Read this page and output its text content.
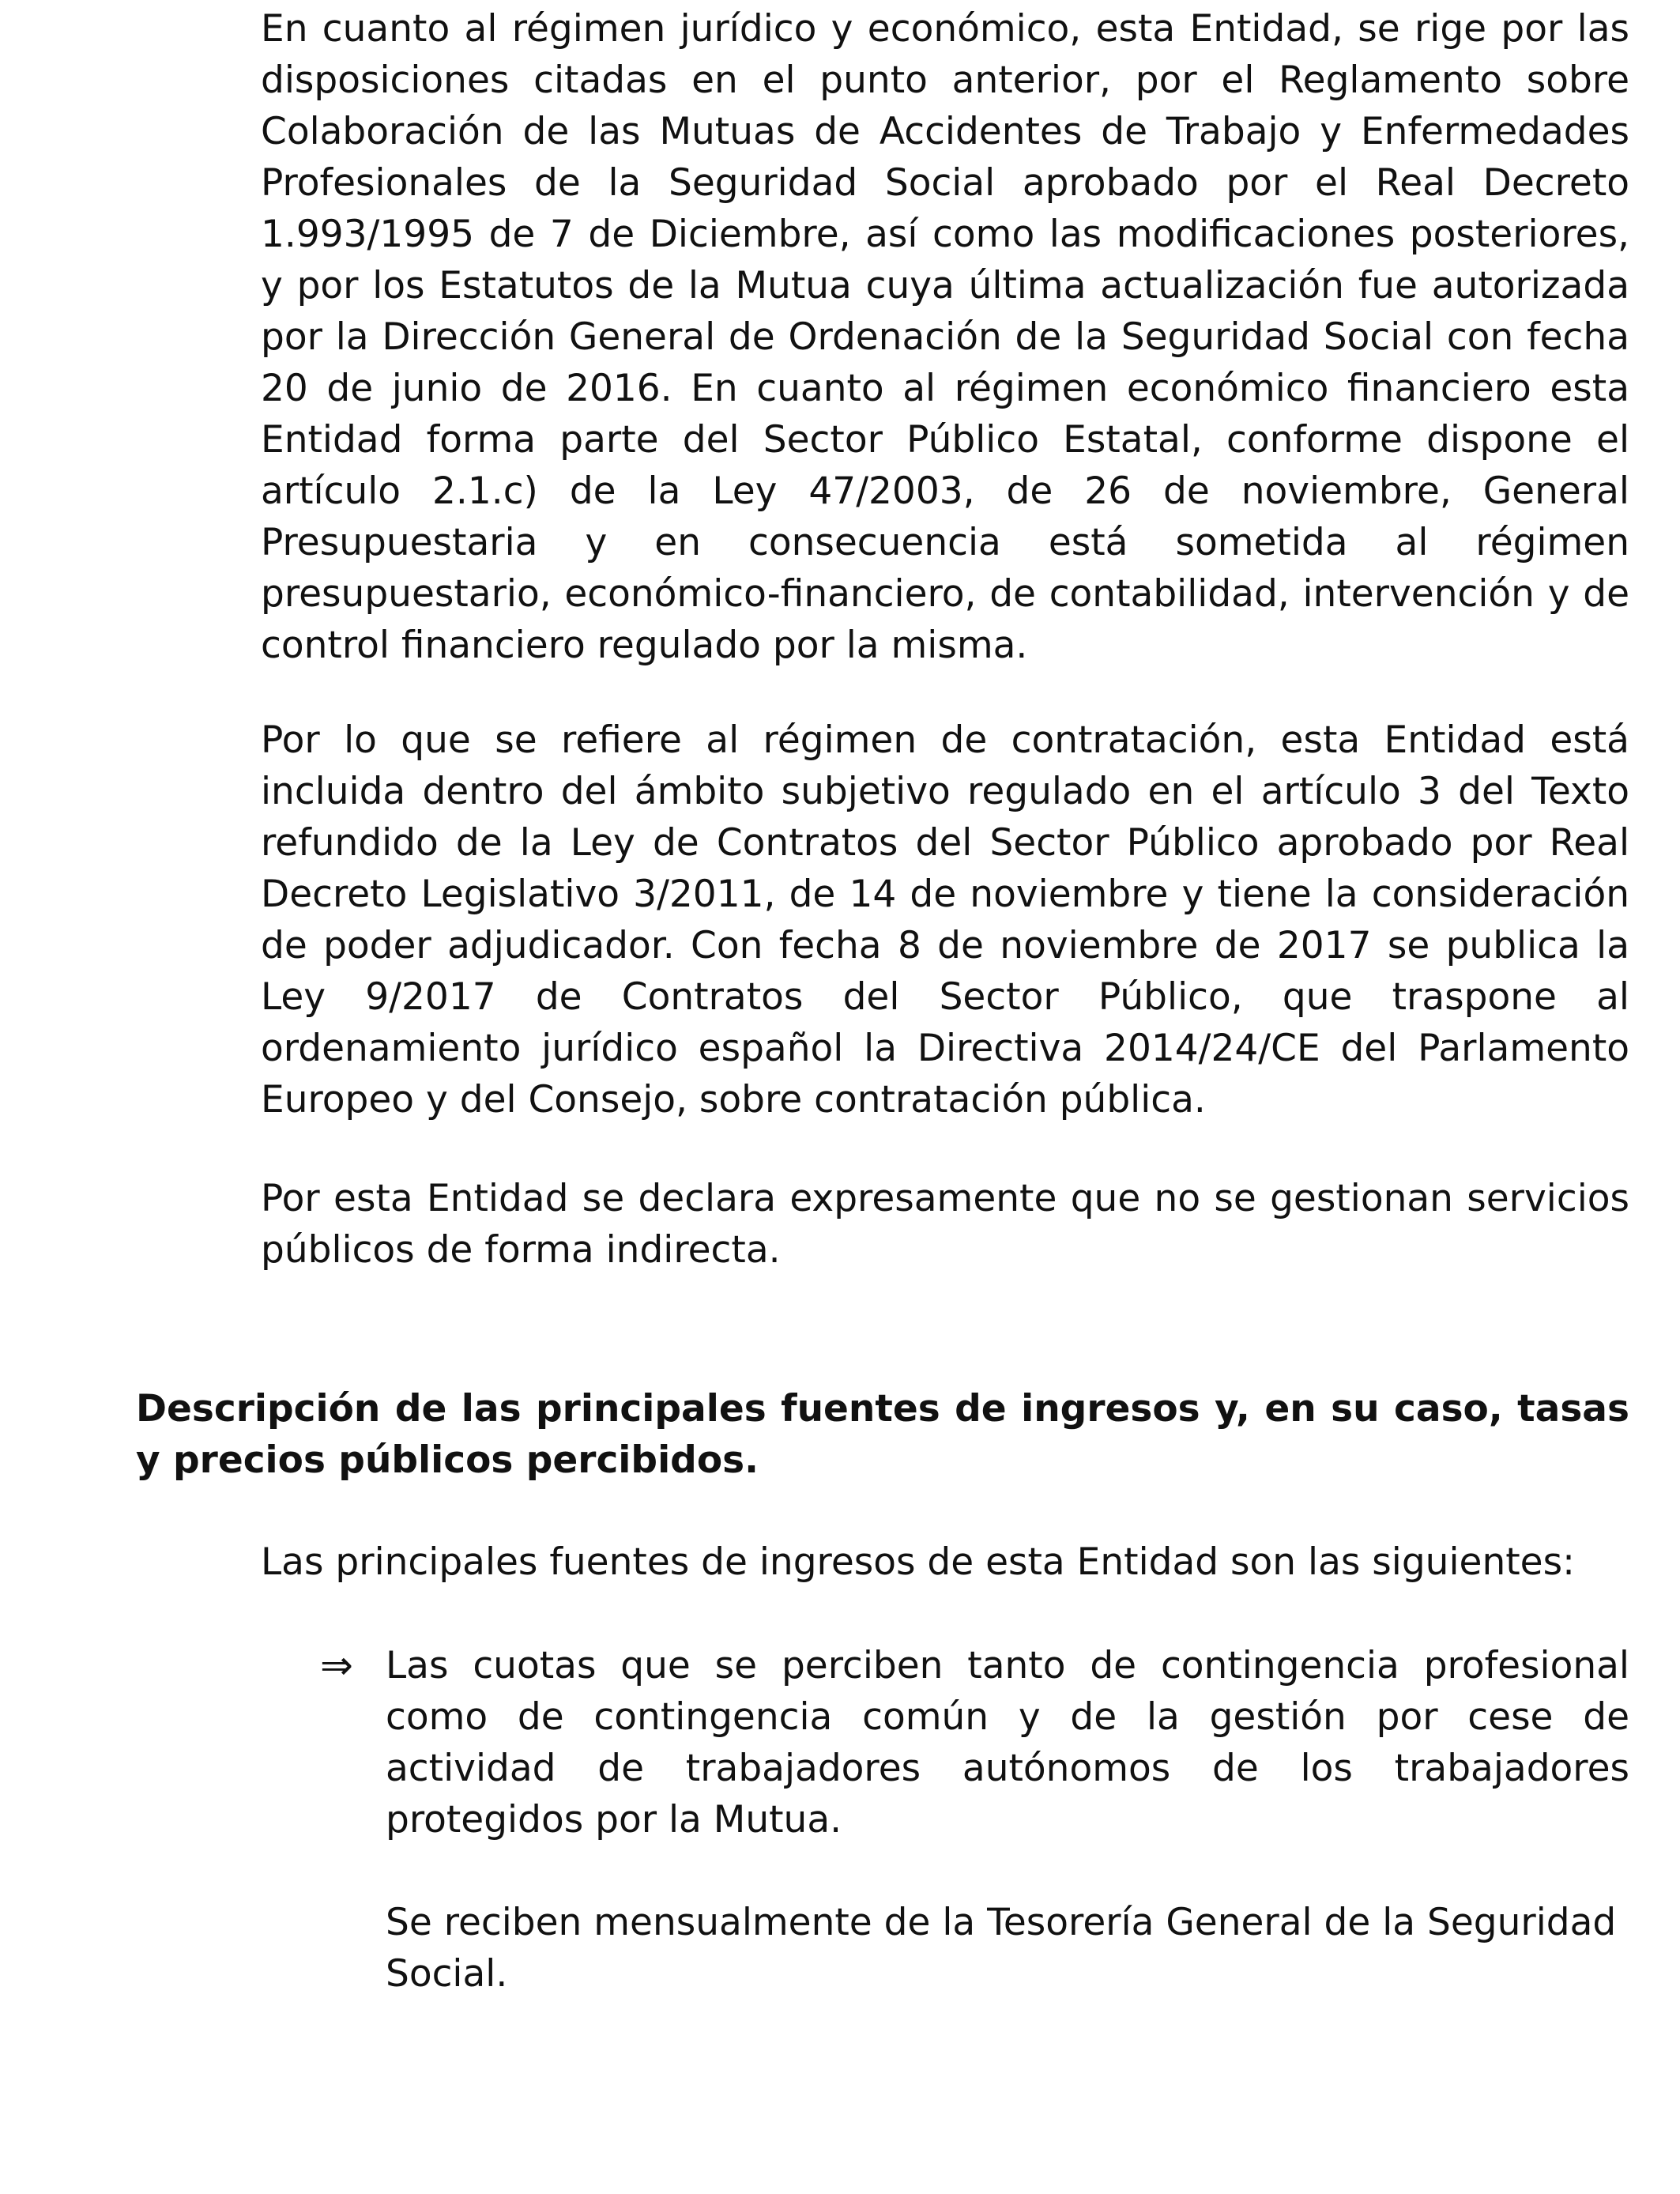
En cuanto al régimen jurídico y económico, esta Entidad, se rige por las disposiciones citadas en el punto anterior, por el Reglamento sobre Colaboración de las Mutuas de Accidentes de Trabajo y Enfermedades Profesionales de la Seguridad Social aprobado por el Real Decreto 1.993/1995 de 7 de Diciembre, así como las modificaciones posteriores, y por los Estatutos de la Mutua cuya última actualización fue autorizada por la Dirección General de Ordenación de la Seguridad Social con fecha 20 de junio de 2016. En cuanto al régimen económico financiero esta Entidad forma parte del Sector Público Estatal, conforme dispone el artículo 2.1.c) de la Ley 47/2003, de 26 de noviembre, General Presupuestaria y en consecuencia está sometida al régimen presupuestario, económico-financiero, de contabilidad, intervención y de control financiero regulado por la misma.

Por lo que se refiere al régimen de contratación, esta Entidad está incluida dentro del ámbito subjetivo regulado en el artículo 3 del Texto refundido de la Ley de Contratos del Sector Público aprobado por Real Decreto Legislativo 3/2011, de 14 de noviembre y tiene la consideración de poder adjudicador. Con fecha 8 de noviembre de 2017 se publica la Ley 9/2017 de Contratos del Sector Público, que traspone al ordenamiento jurídico español la Directiva 2014/24/CE del Parlamento Europeo y del Consejo, sobre contratación pública.

Por esta Entidad se declara expresamente que no se gestionan servicios públicos de forma indirecta.

Descripción de las principales fuentes de ingresos y, en su caso, tasas y precios públicos percibidos.

Las principales fuentes de ingresos de esta Entidad son las siguientes:

⇒ Las cuotas que se perciben tanto de contingencia profesional como de contingencia común y de la gestión por cese de actividad de trabajadores autónomos de los trabajadores protegidos por la Mutua.

Se reciben mensualmente de la Tesorería General de la Seguridad Social.
